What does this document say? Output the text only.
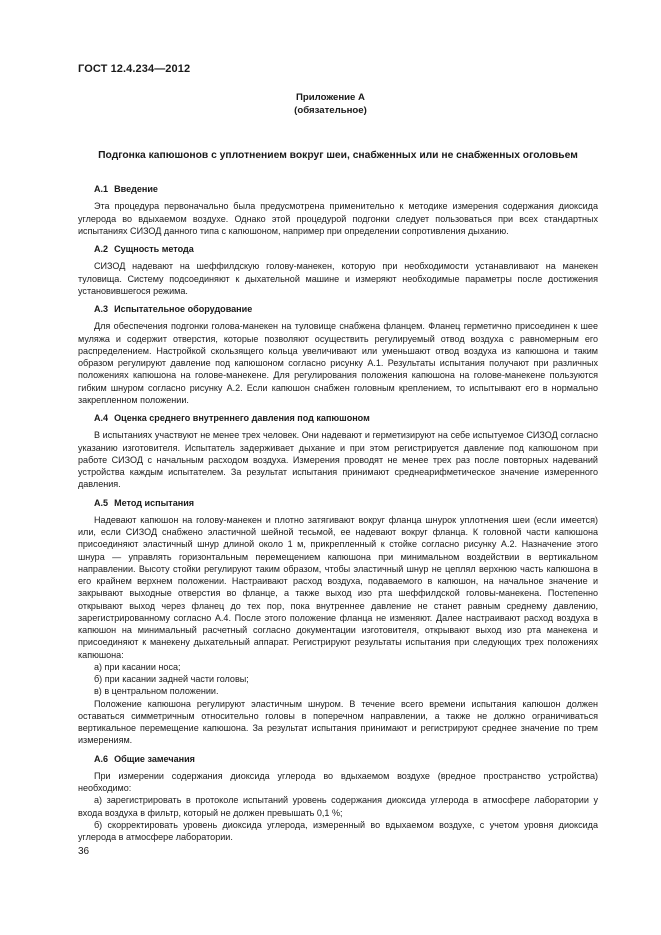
ГОСТ 12.4.234—2012
Приложение А
(обязательное)
Подгонка капюшонов с уплотнением вокруг шеи, снабженных или не снабженных оголовьем

А.1 Введение

Эта процедура первоначально была предусмотрена применительно к методике измерения содержания диоксида углерода во вдыхаемом воздухе. Однако этой процедурой подгонки следует пользоваться при всех стандартных испытаниях СИЗОД данного типа с капюшоном, например при определении сопротивления дыханию.

А.2 Сущность метода

СИЗОД надевают на шеффилдскую голову-манекен, которую при необходимости устанавливают на манекен туловища. Систему подсоединяют к дыхательной машине и измеряют необходимые параметры после достижения установившегося режима.

А.3 Испытательное оборудование

Для обеспечения подгонки голова-манекен на туловище снабжена фланцем. Фланец герметично присоединен к шее муляжа и содержит отверстия, которые позволяют осуществить регулируемый отвод воздуха с равномерным его распределением. Настройкой скользящего кольца увеличивают или уменьшают отвод воздуха из капюшона и таким образом регулируют давление под капюшоном согласно рисунку А.1. Результаты испытания получают при различных положениях капюшона на голове-манекене. Для регулирования положения капюшона на голове-манекене пользуются гибким шнуром согласно рисунку А.2. Если капюшон снабжен головным креплением, то испытывают его в нормально закрепленном положении.

А.4 Оценка среднего внутреннего давления под капюшоном

В испытаниях участвуют не менее трех человек. Они надевают и герметизируют на себе испытуемое СИЗОД согласно указанию изготовителя. Испытатель задерживает дыхание и при этом регистрируется давление под капюшоном при работе СИЗОД с начальным расходом воздуха. Измерения проводят не менее трех раз после повторных надеваний устройства каждым испытателем. За результат испытания принимают среднеарифметическое значение измеренного давления.

А.5 Метод испытания

Надевают капюшон на голову-манекен и плотно затягивают вокруг фланца шнурок уплотнения шеи (если имеется) или, если СИЗОД снабжено эластичной шейной тесьмой, ее надевают вокруг фланца. К головной части капюшона присоединяют эластичный шнур длиной около 1 м, прикрепленный к стойке согласно рисунку А.2. Назначение этого шнура — управлять горизонтальным перемещением капюшона при минимальном воздействии в вертикальном направлении. Высоту стойки регулируют таким образом, чтобы эластичный шнур не цеплял верхнюю часть капюшона в его крайнем верхнем положении. Настраивают расход воздуха, подаваемого в капюшон, на начальное значение и закрывают выходные отверстия во фланце, а также выход изо рта шеффилдской головы-манекена. Постепенно открывают выход через фланец до тех пор, пока внутреннее давление не станет равным среднему давлению, зарегистрированному согласно А.4. После этого положение фланца не изменяют. Далее настраивают расход воздуха в капюшон на минимальный расчетный согласно документации изготовителя, открывают выход изо рта манекена и присоединяют к манекену дыхательный аппарат. Регистрируют результаты испытания при следующих трех положениях капюшона:

а) при касании носа;

б) при касании задней части головы;

в) в центральном положении.

Положение капюшона регулируют эластичным шнуром. В течение всего времени испытания капюшон должен оставаться симметричным относительно головы в поперечном направлении, а также не должно ограничиваться вертикальное перемещение капюшона. За результат испытания принимают и регистрируют среднее значение по трем измерениям.

А.6 Общие замечания

При измерении содержания диоксида углерода во вдыхаемом воздухе (вредное пространство устройства) необходимо:

а) зарегистрировать в протоколе испытаний уровень содержания диоксида углерода в атмосфере лаборатории у входа воздуха в фильтр, который не должен превышать 0,1 %;

б) скорректировать уровень диоксида углерода, измеренный во вдыхаемом воздухе, с учетом уровня диоксида углерода в атмосфере лаборатории.

36
